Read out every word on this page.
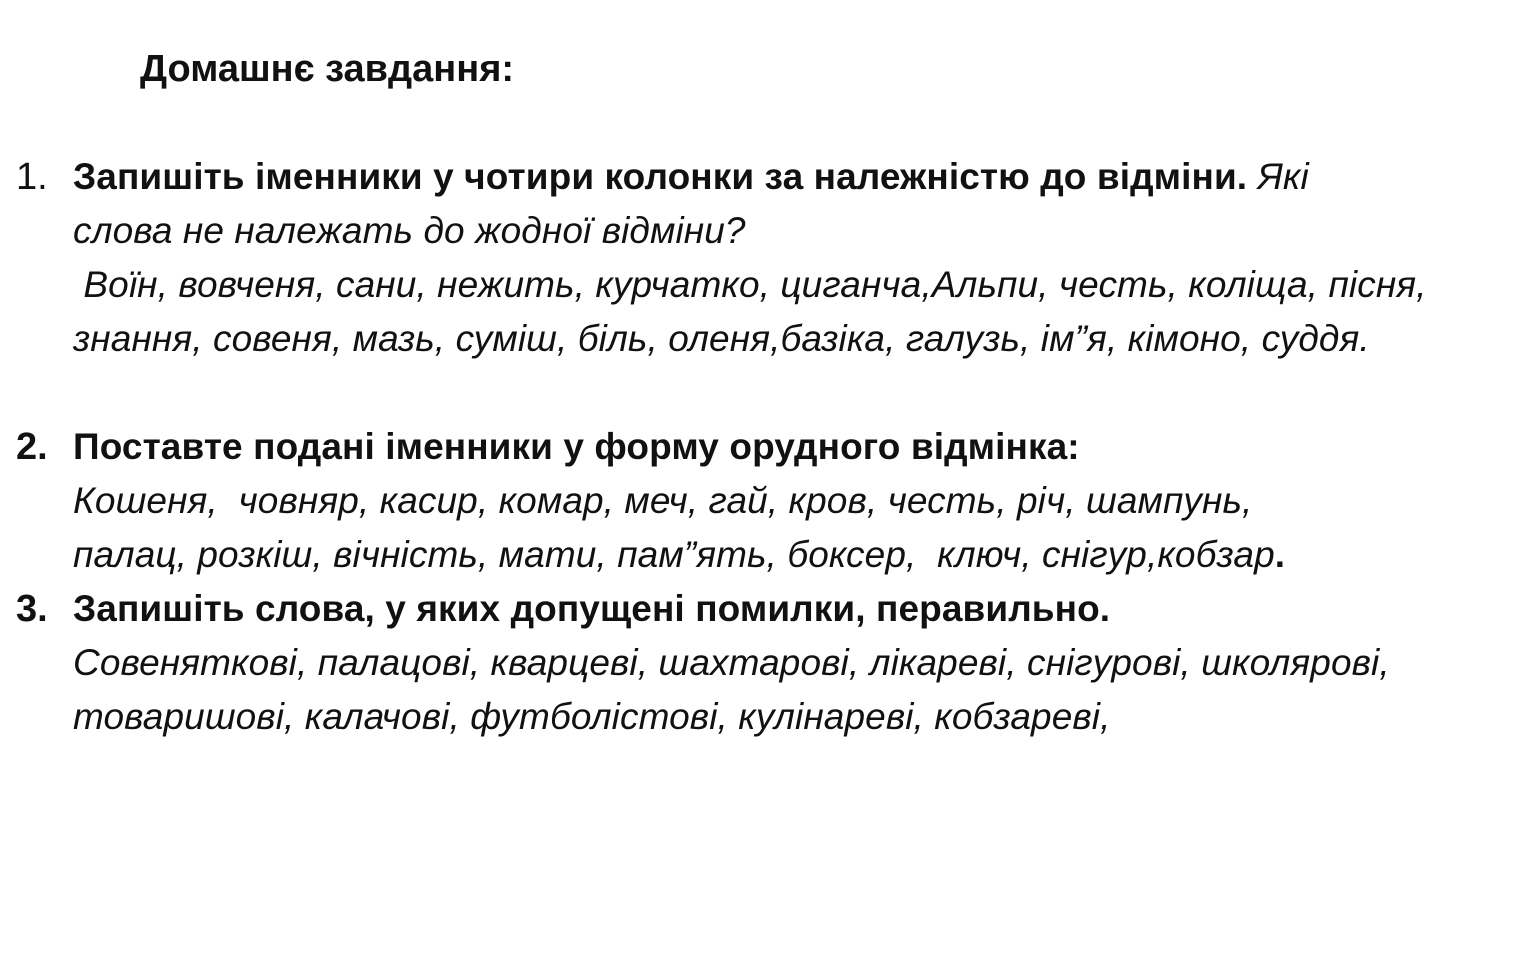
Домашнє завдання:
1. Запишіть іменники у чотири колонки за належністю до відміни. Які
слова не належать до жодної відміни?
Воїн, вовченя, сани, нежить, курчатко, циганча,Альпи, честь, коліща, пісня,
знання, совеня, мазь, суміш, біль, оленя,базіка, галузь, ім”я, кімоно, суддя.
2. Поставте подані іменники у форму орудного відмінка:
Кошеня,  човняр, касир, комар, меч, гай, кров, честь, річ, шампунь,
палац, розкіш, вічність, мати, пам”ять, боксер,  ключ, снігур,кобзар.
3. Запишіть слова, у яких допущені помилки, перавильно.
Совеняткові, палацові, кварцеві, шахтарові, лікареві, снігурові, школярові,
товаришові, калачові, футболістові, кулінареві, кобзареві,
